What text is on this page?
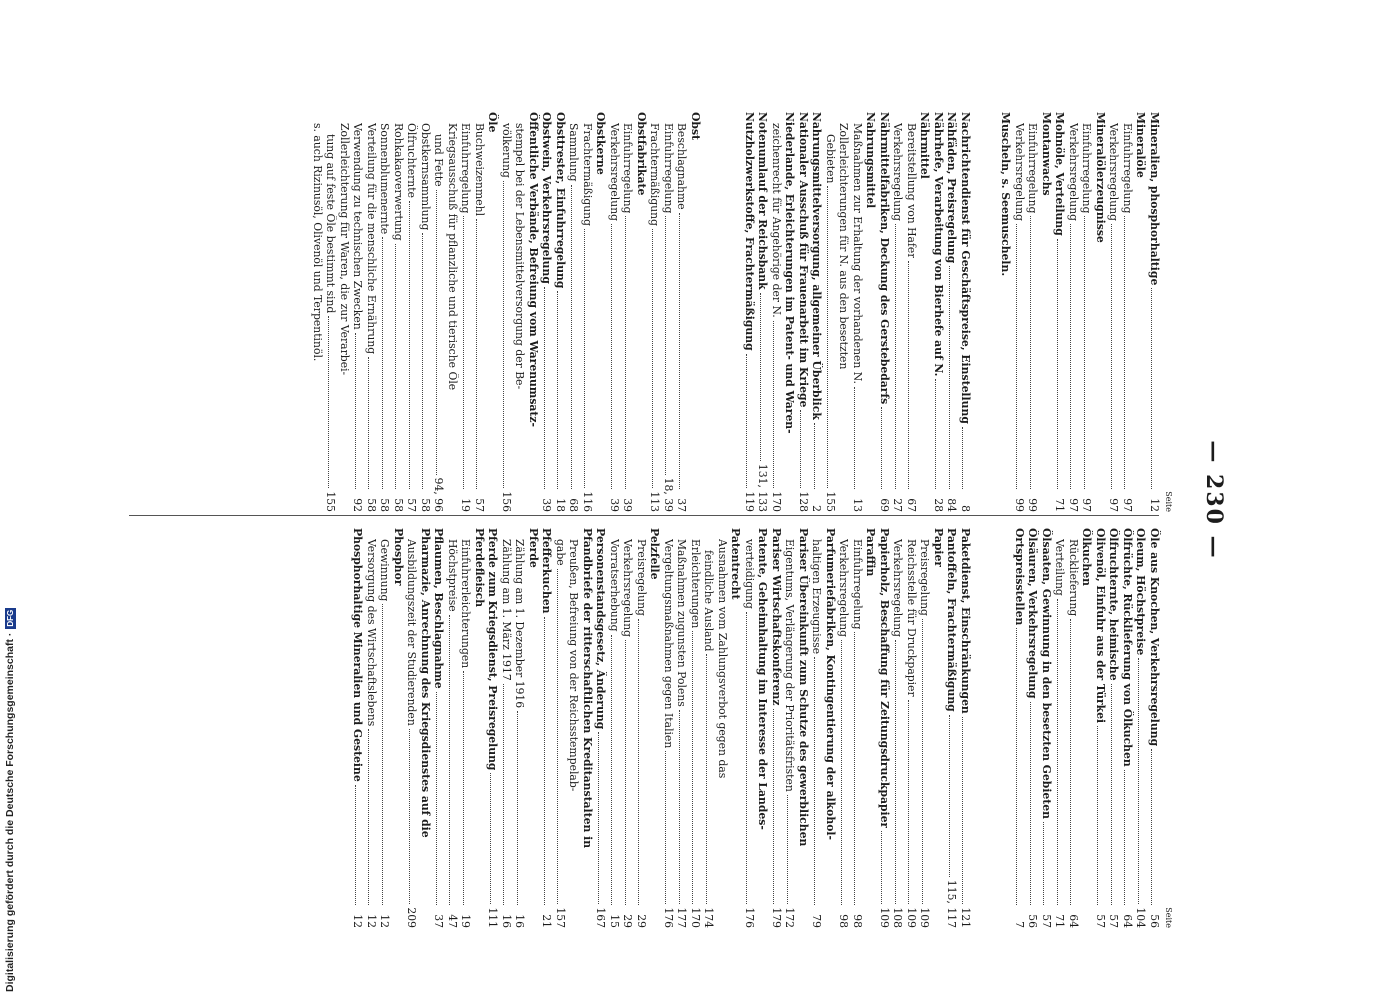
— 230 —
Seite
Mineralien, phosphorhaltige
12
Mineralöle
Einfuhrregelung
97
Verkehrsregelung
97
Mineralölerzeugnisse
Einfuhrregelung
97
Verkehrsregelung
97
Mohnöle, Verteilung
71
Montanwachs
Einfuhrregelung
99
Verkehrsregelung
99
Muscheln, s. Seemuscheln.
Nachrichtendienst für Geschäftspreise, Einstellung
8
Nähfäden, Preisregelung
84
Nährhefe, Verarbeitung von Bierhefe auf N.
28
Nährmittel
Bereitstellung von Hafer
67
Verkehrsregelung
27
Nährmittelfabriken, Deckung des Gerstebedarfs
69
Nahrungsmittel
Maßnahmen zur Erhaltung der vorhandenen N.
13
Zollerleichterungen für N. aus den besetzten
Gebieten
155
Nahrungsmittelversorgung, allgemeiner Überblick
2
Nationaler Ausschuß für Frauenarbeit im Kriege
128
Niederlande, Erleichterungen im Patent- und Waren-
zeichenrecht für Angehörige der N.
170
Notenumlauf der Reichsbank
131, 133
Nutzholzwerkstoffe, Frachtermäßigung
119
Obst
Beschlagnahme
37
Einfuhrregelung
18, 39
Frachtermäßigung
113
Obstfabrikate
Einfuhrregelung
39
Verkehrsregelung
39
Obstkerne
Frachtermäßigung
116
Sammlung
68
Obsttrester, Einfuhrregelung
18
Obstwein, Verkehrsregelung
39
Öffentliche Verbände, Befreiung vom Warenumsatz-
stempel bei der Lebensmittelversorgung der Be-
völkerung
156
Öle
Buchweizenmehl
57
Einfuhrregelung
19
Kriegsausschuß für pflanzliche und tierische Öle
und Fette
94, 96
Obstkernsammlung
58
Ölfruchternte
57
Rohkakaoverwertung
58
Sonnenblumenernte
58
Verteilung für die menschliche Ernährung
58
Verwendung zu technischen Zwecken
92
Zollerleichterung für Waren, die zur Verarbei-
tung auf feste Öle bestimmt sind
155
s. auch Rizinusöl, Olivenöl und Terpentinöl.
Seite
Öle aus Knochen, Verkehrsregelung
56
Oleum, Höchstpreise
104
Ölfrüchte, Rücklieferung von Ölkuchen
64
Ölfruchternte, heimische
57
Olivenöl, Einfuhr aus der Türkei
57
Ölkuchen
Rücklieferung
64
Verteilung
71
Ölsaaten, Gewinnung in den besetzten Gebieten
57
Ölsäuren, Verkehrsregelung
56
Ortspreisstellen
7
Paketdienst, Einschränkungen
121
Pantoffeln, Frachtermäßigung
115, 117
Papier
Preisregelung
109
Reichsstelle für Druckpapier
109
Verkehrsregelung
108
Papierholz, Beschaffung für Zeitungsdruckpapier
109
Paraffin
Einfuhrregelung
98
Verkehrsregelung
98
Parfumeriefabriken, Kontingentierung der alkohol-
haltigen Erzeugnisse
79
Pariser Übereinkunft zum Schutze des gewerblichen
Eigentums, Verlängerung der Prioritätsfristen
172
Pariser Wirtschaftskonferenz
179
Patente, Geheimhaltung im Interesse der Landes-
verteidigung
176
Patentrecht
Ausnahmen vom Zahlungsverbot gegen das
feindliche Ausland
174
Erleichterungen
170
Maßnahmen zugunsten Polens
177
Vergeltungsmaßnahmen gegen Italien
176
Pelzfelle
Preisregelung
29
Verkehrsregelung
29
Vorratserhebung
15
Personenstandsgesetz, Änderung
167
Pfandbriefe der ritterschaftlichen Kreditanstalten in
Preußen, Befreiung von der Reichsstempelab-
gabe
157
Pfefferkuchen
21
Pferde
Zählung am 1. Dezember 1916
16
Zählung am 1. März 1917
16
Pferde zum Kriegsdienst, Preisregelung
111
Pferdefleisch
Einfuhrerleichterungen
19
Höchstpreise
47
Pflaumen, Beschlagnahme
37
Pharmazie, Anrechnung des Kriegsdienstes auf die
Ausbildungszeit der Studierenden
209
Phosphor
Gewinnung
12
Versorgung des Wirtschaftslebens
12
Phosphorhaltige Mineralien und Gesteine
12
Digitalisierung gefördert durch die Deutsche Forschungsgemeinschaft ·DFG
